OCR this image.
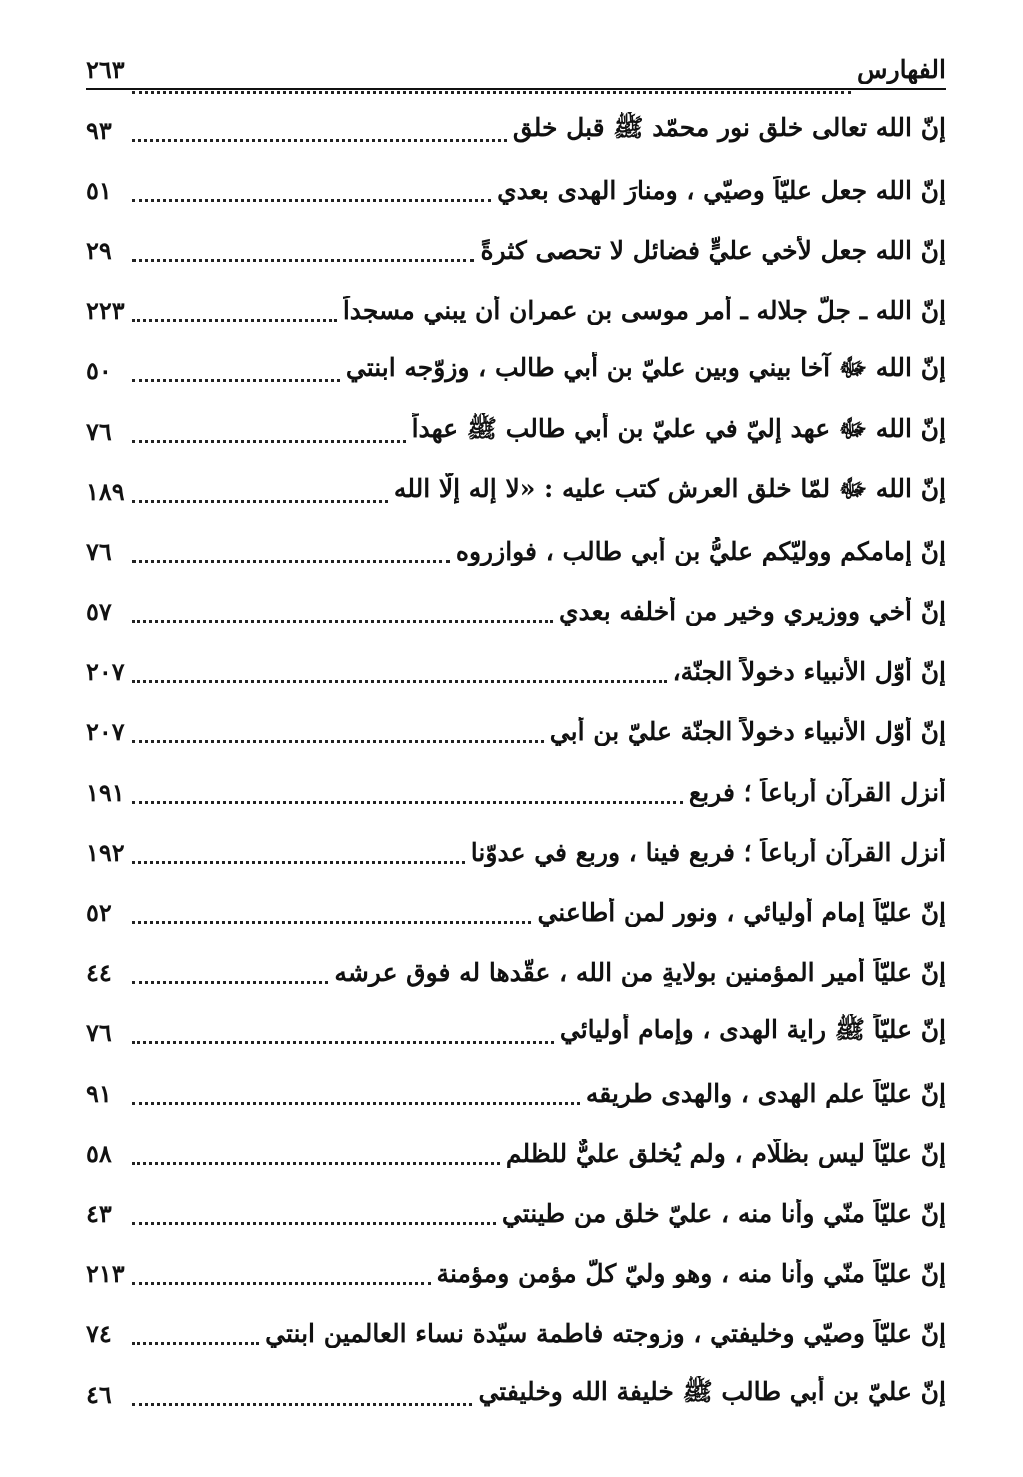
الفهارس
٢٦٣
إنّ الله تعالى خلق نور محمّد ﷺ قبل خلق
٩٣
إنّ الله جعل عليّاً وصيّي ، ومنارَ الهدى بعدي
٥١
إنّ الله جعل لأخي عليٍّ فضائل لا تحصى كثرةً
٢٩
إنّ الله ـ جلّ جلاله ـ أمر موسى بن عمران أن يبني مسجداً
٢٢٣
إنّ الله ﷻ آخا بيني وبين عليّ بن أبي طالب ، وزوّجه ابنتي
٥٠
إنّ الله ﷻ عهد إليّ في عليّ بن أبي طالب ﷺ عهداً
٧٦
إنّ الله ﷻ لمّا خلق العرش كتب عليه : «لا إله إلّا الله
١٨٩
إنّ إمامكم ووليّكم عليُّ بن أبي طالب ، فوازروه
٧٦
إنّ أخي ووزيري وخير من أُخلفه بعدي
٥٧
إنّ أوّل الأنبياء دخولاً الجنّة،
٢٠٧
إنّ أوّل الأنبياء دخولاً الجنّة عليّ بن أبي
٢٠٧
أنزل القرآن أرباعاً ؛ فربع
١٩١
أُنزل القرآن أرباعاً ؛ فربع فينا ، وربع في عدوّنا
١٩٢
إنّ عليّاً إمام أوليائي ، ونور لمن أطاعني
٥٢
إنّ عليّاً أمير المؤمنين بولايةٍ من الله ، عقّدها له فوق عرشه
٤٤
إنّ عليّاً ﷺ راية الهدى ، وإمام أوليائي
٧٦
إنّ عليّاً علم الهدى ، والهدى طريقه
٩١
إنّ عليّاً ليس بظلّام ، ولم يُخلق عليٌّ للظلم
٥٨
إنّ عليّاً منّي وأنا منه ، عليّ خلق من طينتي
٤٣
إنّ عليّاً منّي وأنا منه ، وهو وليّ كلّ مؤمن ومؤمنة
٢١٣
إنّ عليّاً وصيّي وخليفتي ، وزوجته فاطمة سيّدة نساء العالمين ابنتي
٧٤
إنّ عليّ بن أبي طالب ﷺ خليفة الله وخليفتي
٤٦
